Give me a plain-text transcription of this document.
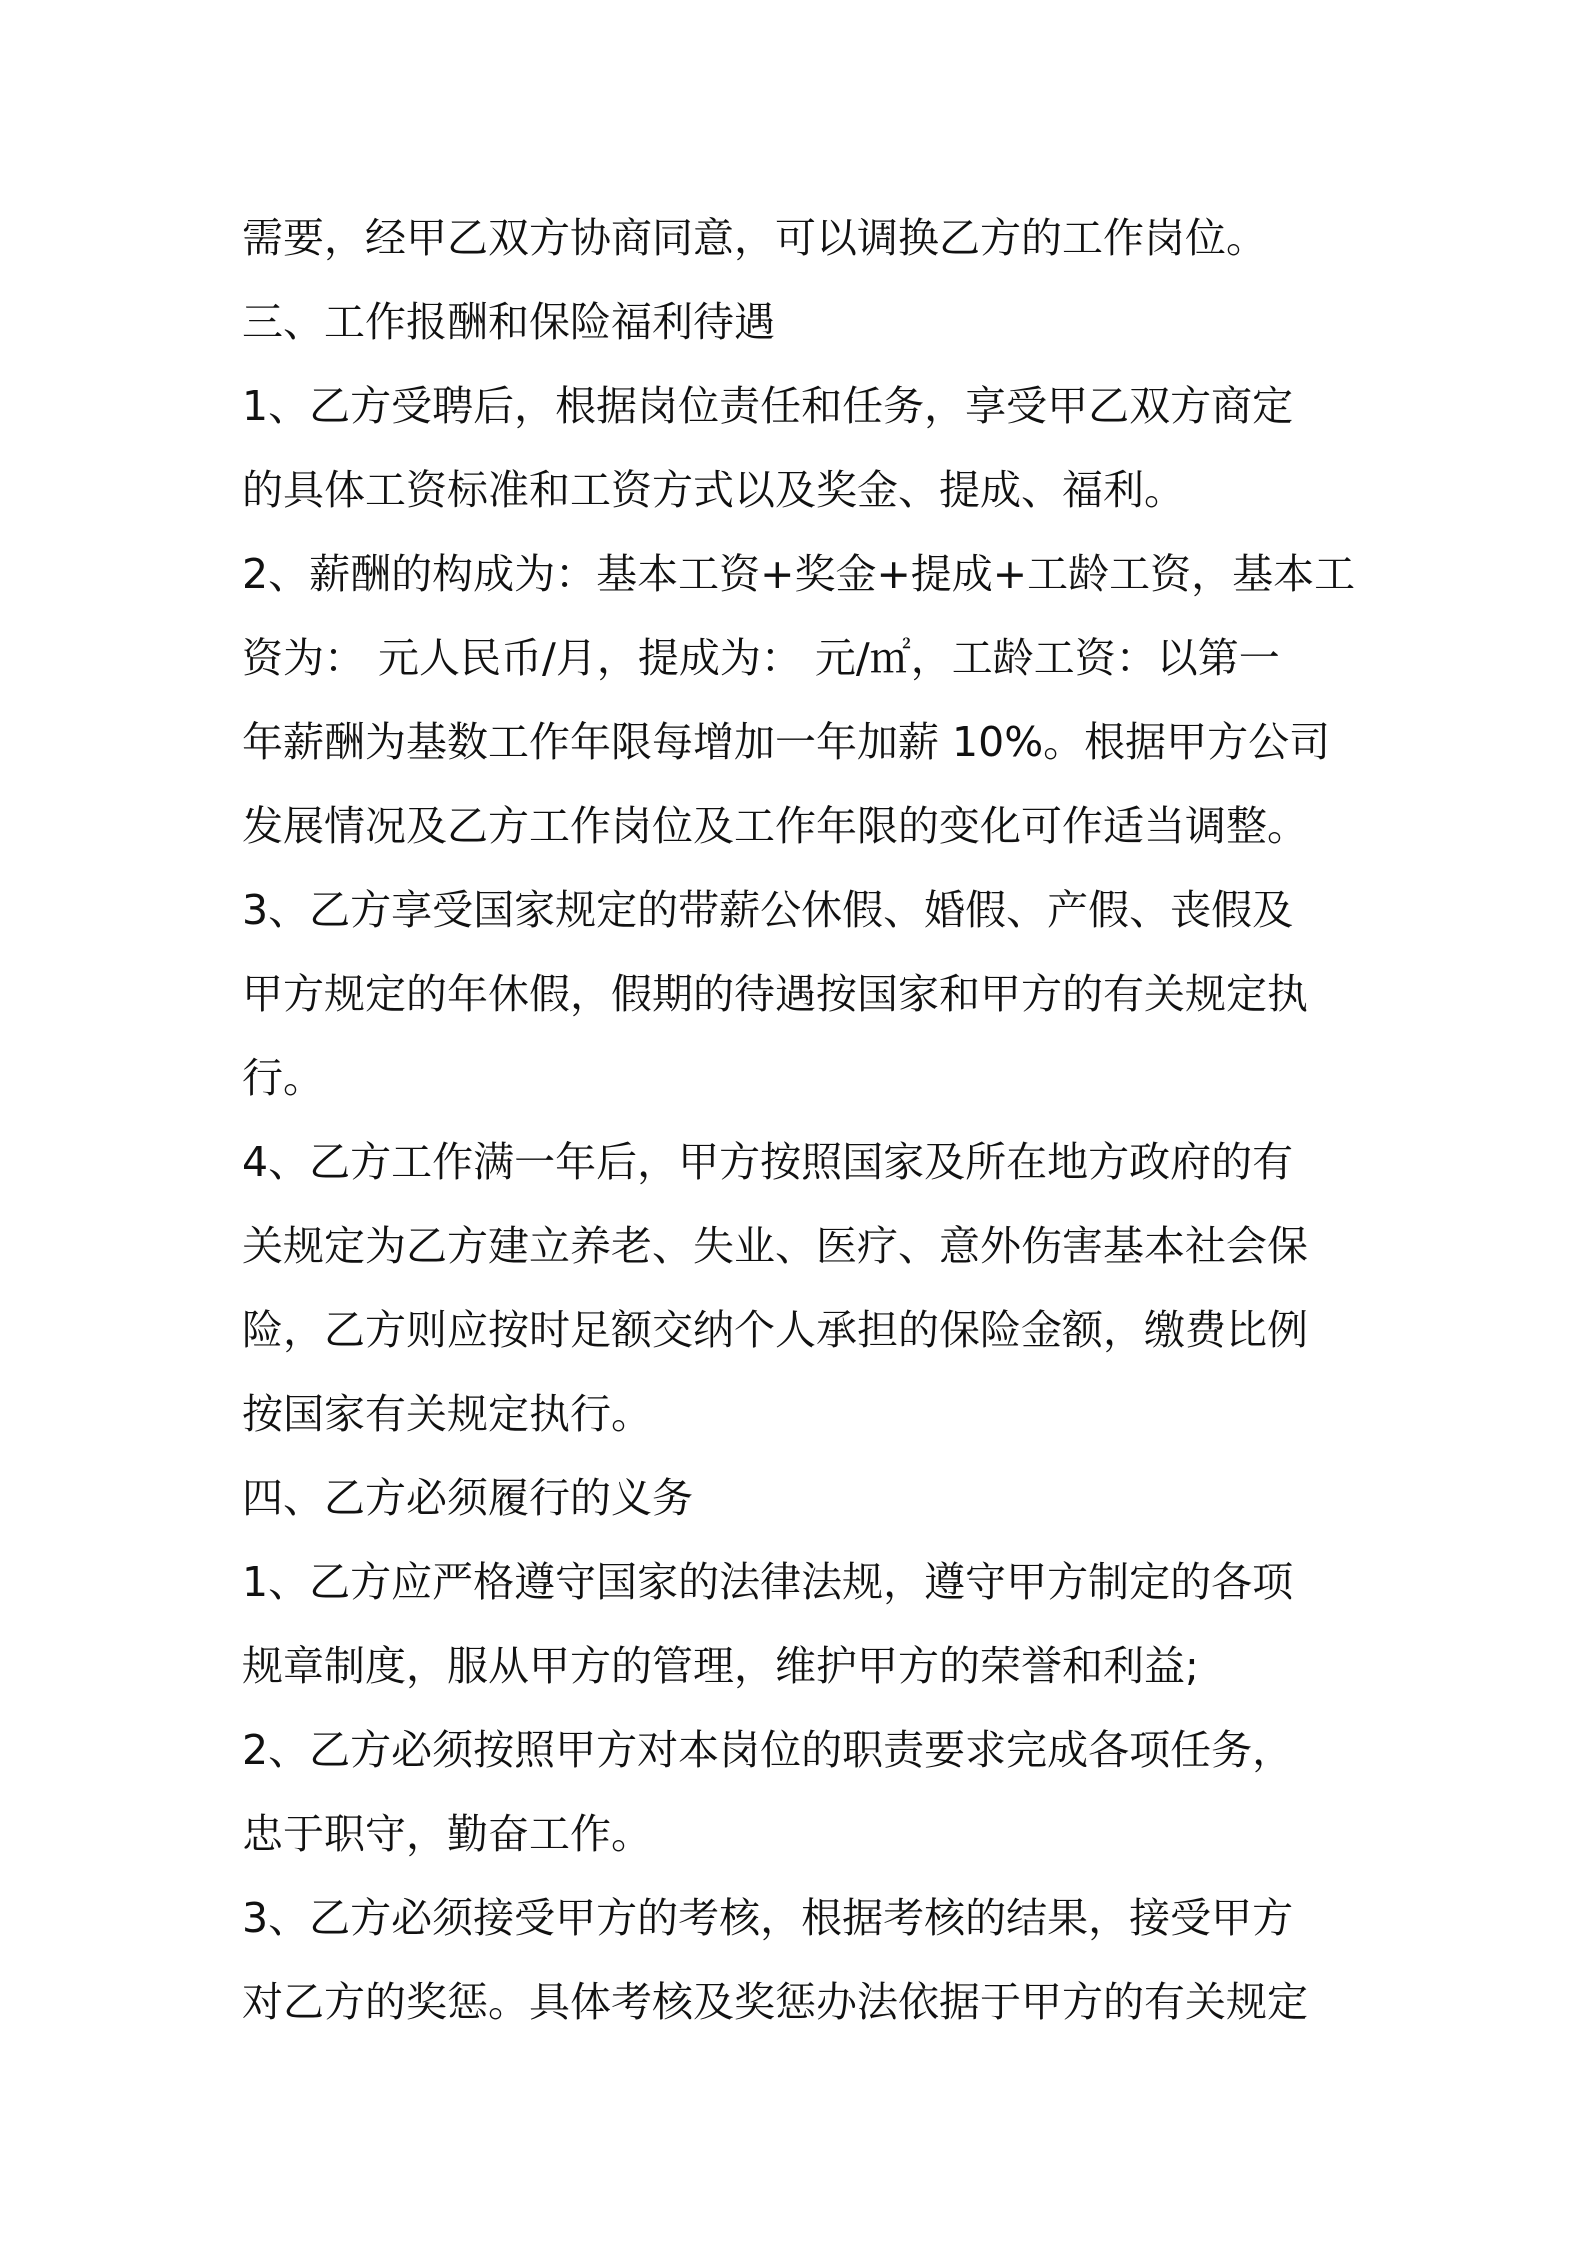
需要，经甲乙双方协商同意，可以调换乙方的工作岗位。

三、工作报酬和保险福利待遇

1、乙方受聘后，根据岗位责任和任务，享受甲乙双方商定
的具体工资标准和工资方式以及奖金、提成、福利。

2、薪酬的构成为：基本工资+奖金+提成+工龄工资，基本工
资为： 元人民币/月，提成为： 元/㎡，工龄工资：以第一
年薪酬为基数工作年限每增加一年加薪 10%。根据甲方公司
发展情况及乙方工作岗位及工作年限的变化可作适当调整。

3、乙方享受国家规定的带薪公休假、婚假、产假、丧假及
甲方规定的年休假，假期的待遇按国家和甲方的有关规定执
行。

4、乙方工作满一年后，甲方按照国家及所在地方政府的有
关规定为乙方建立养老、失业、医疗、意外伤害基本社会保
险，乙方则应按时足额交纳个人承担的保险金额，缴费比例
按国家有关规定执行。

四、乙方必须履行的义务

1、乙方应严格遵守国家的法律法规，遵守甲方制定的各项
规章制度，服从甲方的管理，维护甲方的荣誉和利益;

2、乙方必须按照甲方对本岗位的职责要求完成各项任务，
忠于职守，勤奋工作。

3、乙方必须接受甲方的考核，根据考核的结果，接受甲方
对乙方的奖惩。具体考核及奖惩办法依据于甲方的有关规定
